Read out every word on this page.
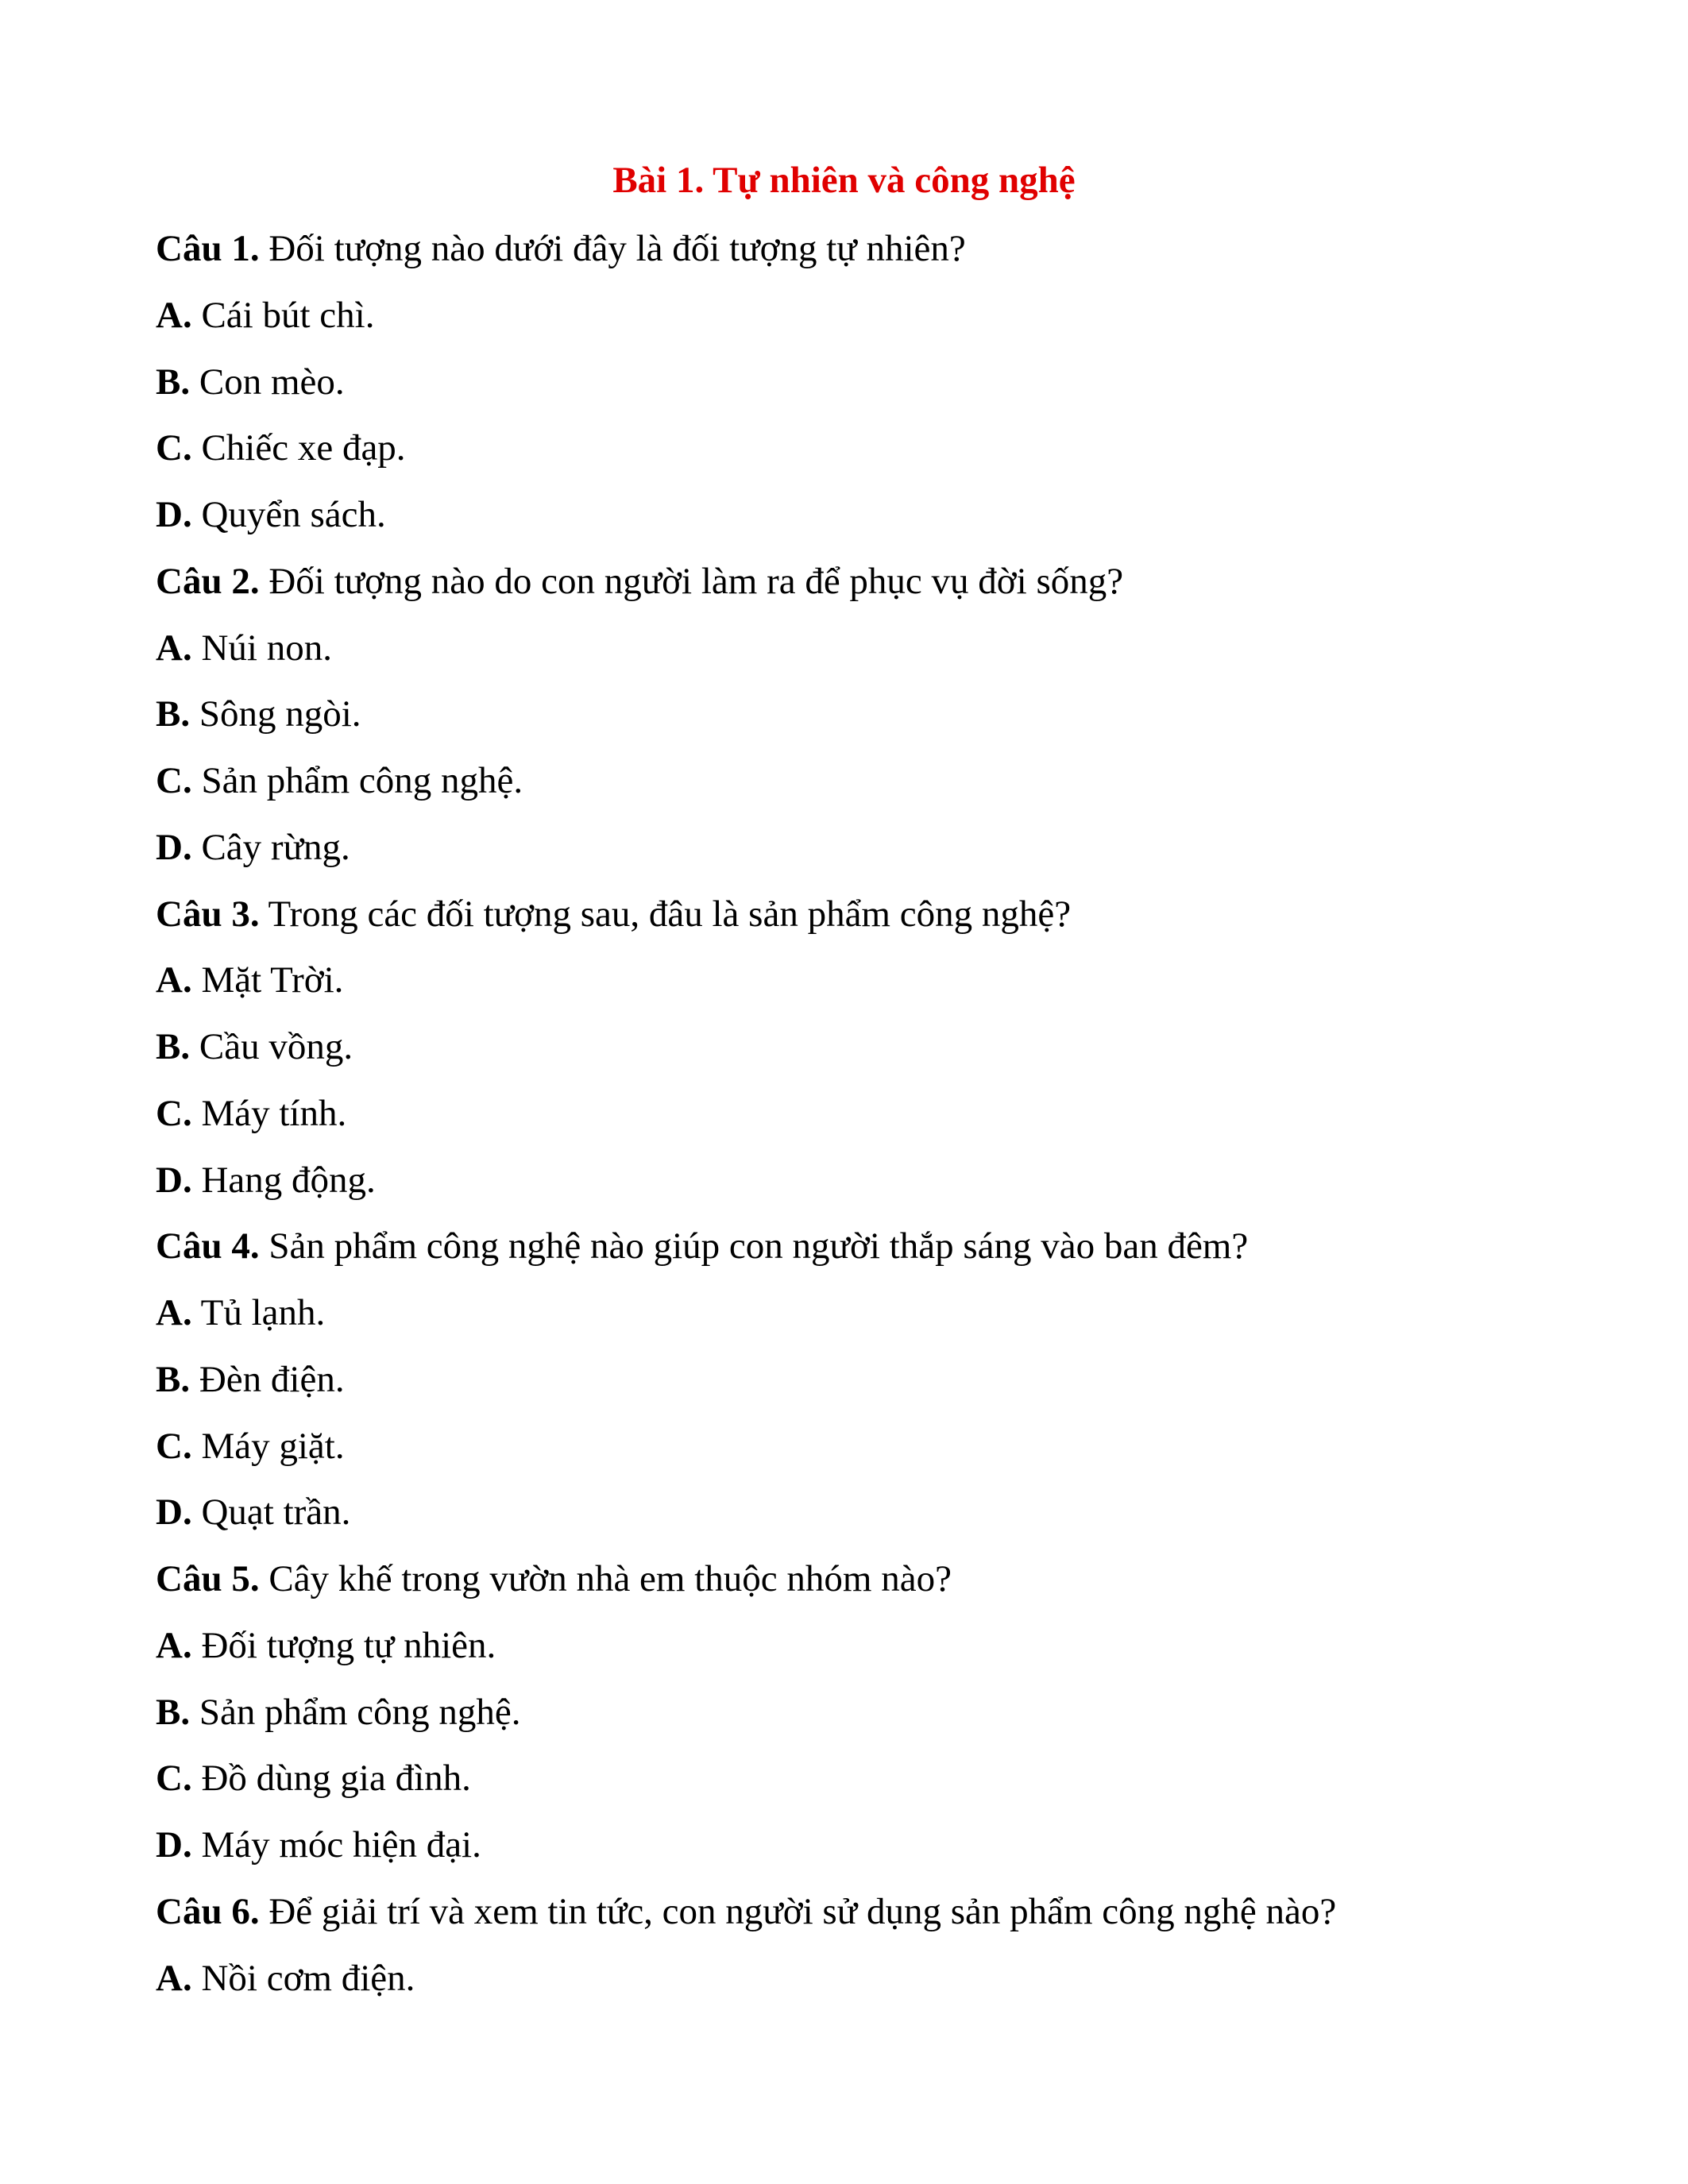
Bài 1. Tự nhiên và công nghệ
Câu 1. Đối tượng nào dưới đây là đối tượng tự nhiên?
A. Cái bút chì.
B. Con mèo.
C. Chiếc xe đạp.
D. Quyển sách.
Câu 2. Đối tượng nào do con người làm ra để phục vụ đời sống?
A. Núi non.
B. Sông ngòi.
C. Sản phẩm công nghệ.
D. Cây rừng.
Câu 3. Trong các đối tượng sau, đâu là sản phẩm công nghệ?
A. Mặt Trời.
B. Cầu vồng.
C. Máy tính.
D. Hang động.
Câu 4. Sản phẩm công nghệ nào giúp con người thắp sáng vào ban đêm?
A. Tủ lạnh.
B. Đèn điện.
C. Máy giặt.
D. Quạt trần.
Câu 5. Cây khế trong vườn nhà em thuộc nhóm nào?
A. Đối tượng tự nhiên.
B. Sản phẩm công nghệ.
C. Đồ dùng gia đình.
D. Máy móc hiện đại.
Câu 6. Để giải trí và xem tin tức, con người sử dụng sản phẩm công nghệ nào?
A. Nồi cơm điện.
